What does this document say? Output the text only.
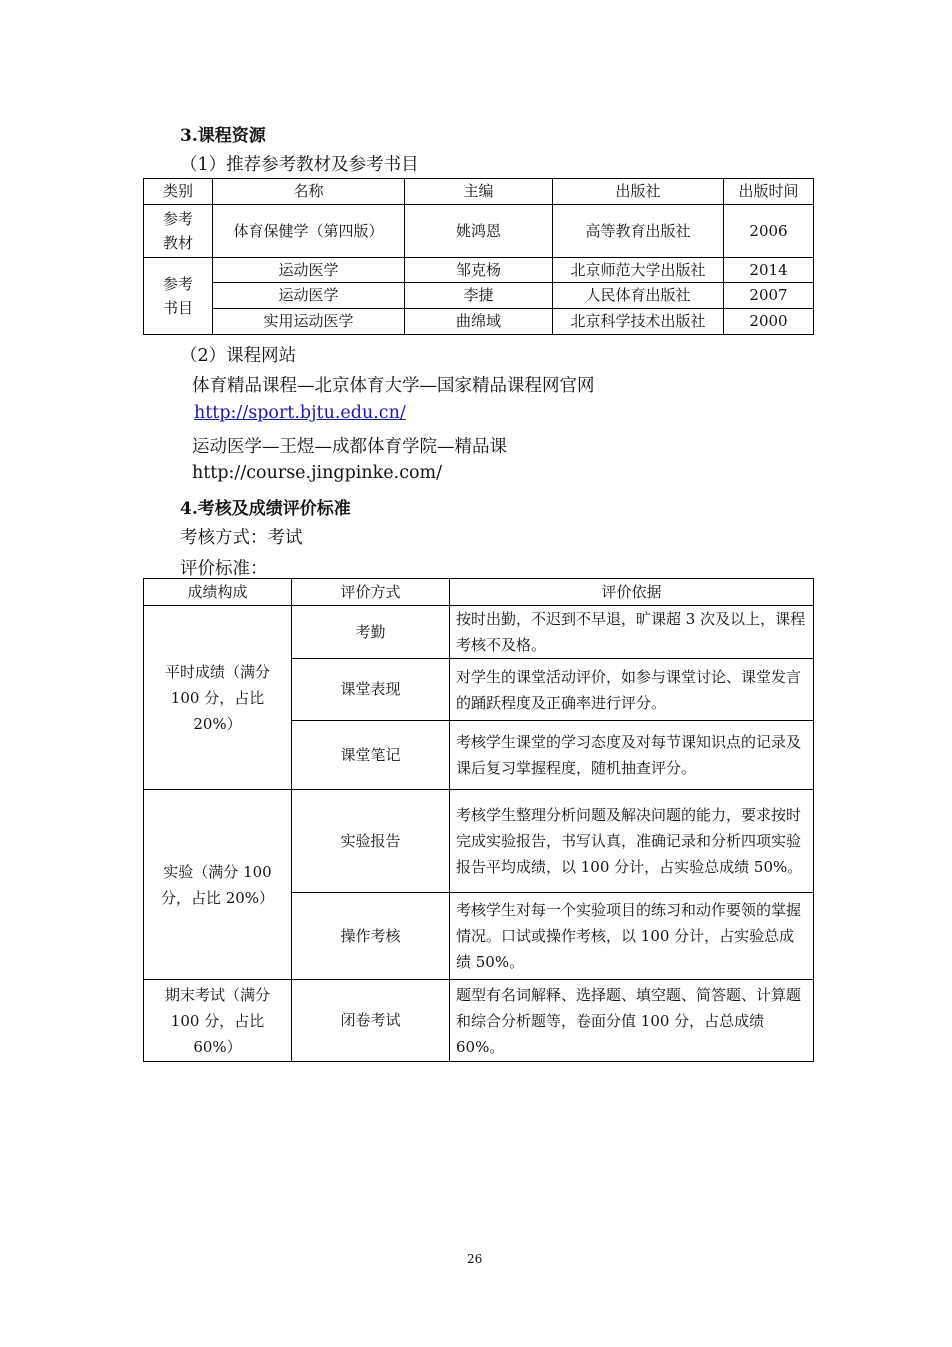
3.课程资源
（1）推荐参考教材及参考书目
类别	名称	主编	出版社	出版时间

参考教材	体育保健学（第四版）	姚鸿恩	高等教育出版社	2006

参考书目	运动医学	邹克杨	北京师范大学出版社	2014
	运动医学	李捷	人民体育出版社	2007
	实用运动医学	曲绵域	北京科学技术出版社	2000
（2）课程网站
体育精品课程—北京体育大学—国家精品课程网官网
http://sport.bjtu.edu.cn/
运动医学—王煜—成都体育学院—精品课
http://course.jingpinke.com/
4.考核及成绩评价标准
考核方式：考试
评价标准：
成绩构成	评价方式	评价依据

平时成绩（满分100 分，占比 20%）	考勤	按时出勤，不迟到不早退，旷课超 3 次及以上，课程考核不及格。

	课堂表现	对学生的课堂活动评价，如参与课堂讨论、课堂发言的踊跃程度及正确率进行评分。

	课堂笔记	考核学生课堂的学习态度及对每节课知识点的记录及课后复习掌握程度，随机抽查评分。

实验（满分 100分，占比 20%）	实验报告	考核学生整理分析问题及解决问题的能力，要求按时完成实验报告，书写认真，准确记录和分析四项实验报告平均成绩，以 100 分计，占实验总成绩 50%。

	操作考核	考核学生对每一个实验项目的练习和动作要领的掌握情况。口试或操作考核，以 100 分计，占实验总成绩 50%。

期末考试（满分100 分，占比 60%）	闭卷考试	题型有名词解释、选择题、填空题、简答题、计算题和综合分析题等，卷面分值 100 分，占总成绩 60%。
26
